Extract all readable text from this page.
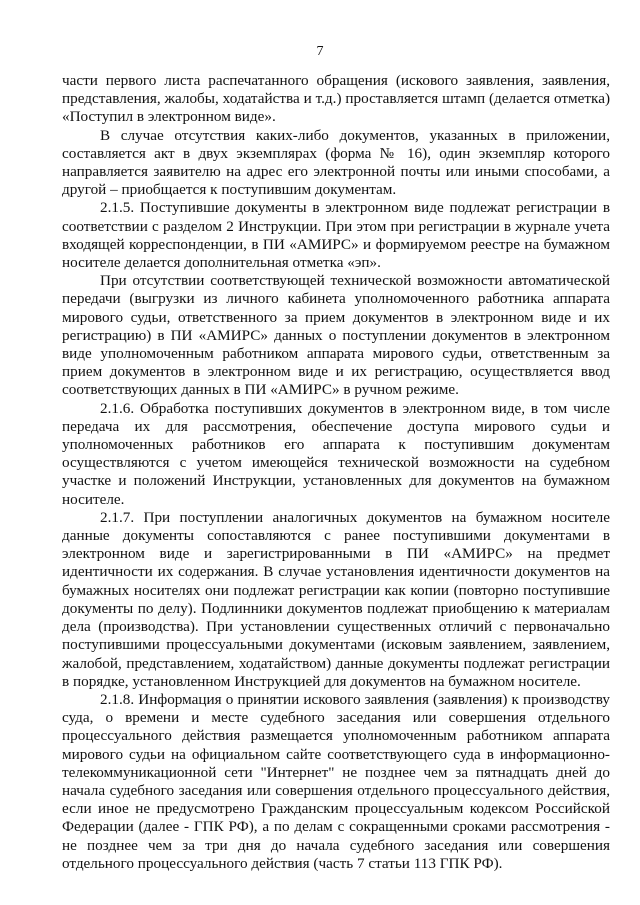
7

части первого листа распечатанного обращения (искового заявления, заявления, представления, жалобы, ходатайства и т.д.) проставляется штамп (делается отметка) «Поступил в электронном виде».

В случае отсутствия каких-либо документов, указанных в приложении, составляется акт в двух экземплярах (форма № 16), один экземпляр которого направляется заявителю на адрес его электронной почты или иными способами, а другой – приобщается к поступившим документам.

2.1.5. Поступившие документы в электронном виде подлежат регистрации в соответствии с разделом 2 Инструкции. При этом при регистрации в журнале учета входящей корреспонденции, в ПИ «АМИРС» и формируемом реестре на бумажном носителе делается дополнительная отметка «эп».

При отсутствии соответствующей технической возможности автоматической передачи (выгрузки из личного кабинета уполномоченного работника аппарата мирового судьи, ответственного за прием документов в электронном виде и их регистрацию) в ПИ «АМИРС» данных о поступлении документов в электронном виде уполномоченным работником аппарата мирового судьи, ответственным за прием документов в электронном виде и их регистрацию, осуществляется ввод соответствующих данных в ПИ «АМИРС» в ручном режиме.

2.1.6. Обработка поступивших документов в электронном виде, в том числе передача их для рассмотрения, обеспечение доступа мирового судьи и уполномоченных работников его аппарата к поступившим документам осуществляются с учетом имеющейся технической возможности на судебном участке и положений Инструкции, установленных для документов на бумажном носителе.

2.1.7. При поступлении аналогичных документов на бумажном носителе данные документы сопоставляются с ранее поступившими документами в электронном виде и зарегистрированными в ПИ «АМИРС» на предмет идентичности их содержания. В случае установления идентичности документов на бумажных носителях они подлежат регистрации как копии (повторно поступившие документы по делу). Подлинники документов подлежат приобщению к материалам дела (производства). При установлении существенных отличий с первоначально поступившими процессуальными документами (исковым заявлением, заявлением, жалобой, представлением, ходатайством) данные документы подлежат регистрации в порядке, установленном Инструкцией для документов на бумажном носителе.

2.1.8. Информация о принятии искового заявления (заявления) к производству суда, о времени и месте судебного заседания или совершения отдельного процессуального действия размещается уполномоченным работником аппарата мирового судьи на официальном сайте соответствующего суда в информационно-телекоммуникационной сети "Интернет" не позднее чем за пятнадцать дней до начала судебного заседания или совершения отдельного процессуального действия, если иное не предусмотрено Гражданским процессуальным кодексом Российской Федерации (далее - ГПК РФ), а по делам с сокращенными сроками рассмотрения - не позднее чем за три дня до начала судебного заседания или совершения отдельного процессуального действия (часть 7 статьи 113 ГПК РФ).
